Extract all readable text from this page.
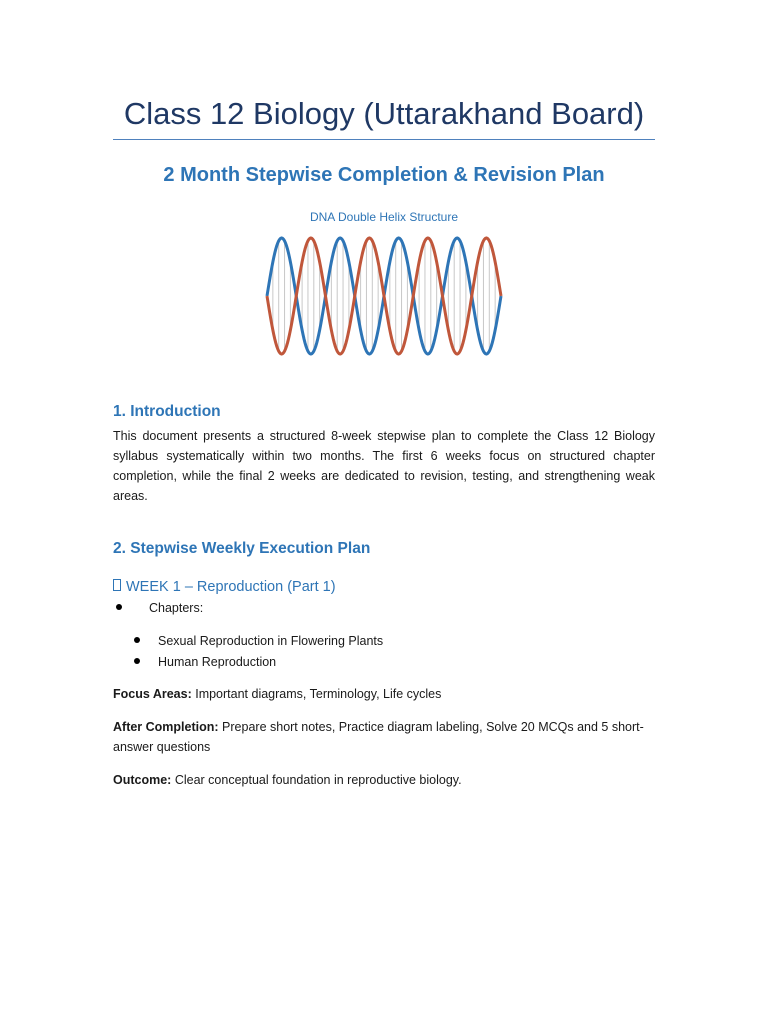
Class 12 Biology (Uttarakhand Board)
2 Month Stepwise Completion & Revision Plan
DNA Double Helix Structure
1. Introduction
This document presents a structured 8-week stepwise plan to complete the Class 12 Biology syllabus systematically within two months. The first 6 weeks focus on structured chapter completion, while the final 2 weeks are dedicated to revision, testing, and strengthening weak areas.
2. Stepwise Weekly Execution Plan
WEEK 1 – Reproduction (Part 1)
Chapters:
Sexual Reproduction in Flowering Plants
Human Reproduction
Focus Areas: Important diagrams, Terminology, Life cycles
After Completion: Prepare short notes, Practice diagram labeling, Solve 20 MCQs and 5 short-answer questions
Outcome: Clear conceptual foundation in reproductive biology.
